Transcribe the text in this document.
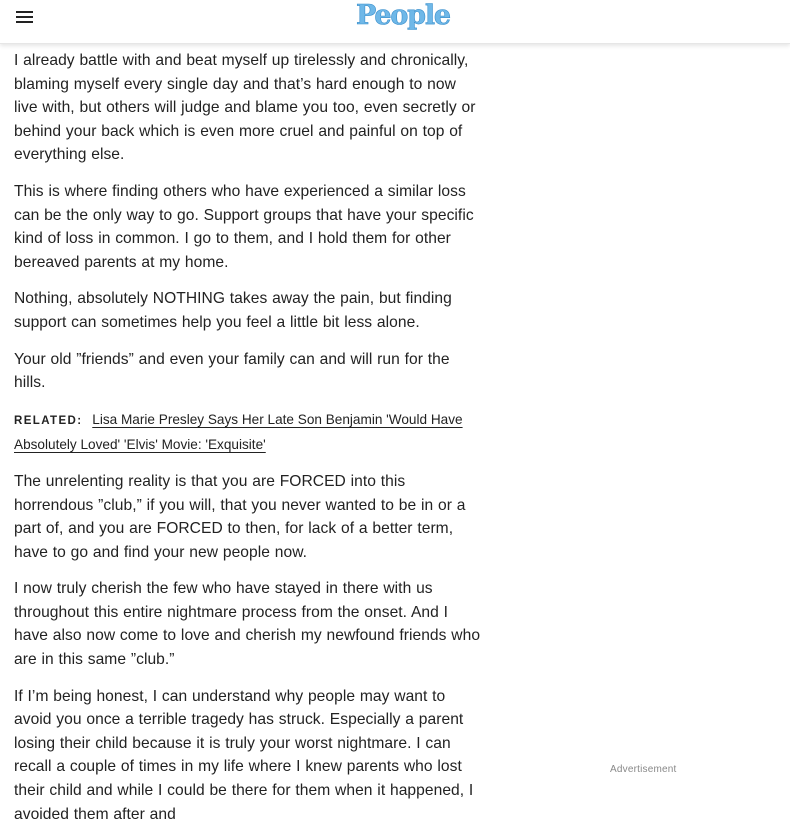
People

I already battle with and beat myself up tirelessly and chronically, blaming myself every single day and that’s hard enough to now live with, but others will judge and blame you too, even secretly or behind your back which is even more cruel and painful on top of everything else.

This is where finding others who have experienced a similar loss can be the only way to go. Support groups that have your specific kind of loss in common. I go to them, and I hold them for other bereaved parents at my home.

Nothing, absolutely NOTHING takes away the pain, but finding support can sometimes help you feel a little bit less alone.

Your old ”friends” and even your family can and will run for the hills.

RELATED: Lisa Marie Presley Says Her Late Son Benjamin 'Would Have Absolutely Loved' 'Elvis' Movie: 'Exquisite'

The unrelenting reality is that you are FORCED into this horrendous ”club,” if you will, that you never wanted to be in or a part of, and you are FORCED to then, for lack of a better term, have to go and find your new people now.

I now truly cherish the few who have stayed in there with us throughout this entire nightmare process from the onset. And I have also now come to love and cherish my newfound friends who are in this same ”club.”

If I’m being honest, I can understand why people may want to avoid you once a terrible tragedy has struck. Especially a parent losing their child because it is truly your worst nightmare. I can recall a couple of times in my life where I knew parents who lost their child and while I could be there for them when it happened, I avoided them after and

Advertisement
